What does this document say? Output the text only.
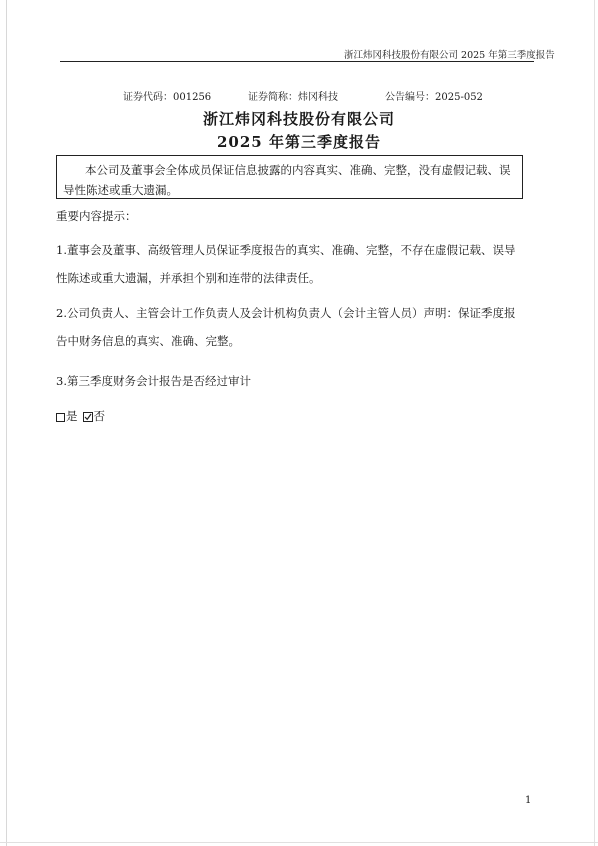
浙江炜冈科技股份有限公司 2025 年第三季度报告
证券代码：001256	证券简称：炜冈科技	公告编号：2025-052
浙江炜冈科技股份有限公司
2025 年第三季度报告
本公司及董事会全体成员保证信息披露的内容真实、准确、完整，没有虚假记载、误导性陈述或重大遗漏。
重要内容提示：
1.董事会及董事、高级管理人员保证季度报告的真实、准确、完整，不存在虚假记载、误导性陈述或重大遗漏，并承担个别和连带的法律责任。
2.公司负责人、主管会计工作负责人及会计机构负责人（会计主管人员）声明：保证季度报告中财务信息的真实、准确、完整。
3.第三季度财务会计报告是否经过审计
是 否
1
